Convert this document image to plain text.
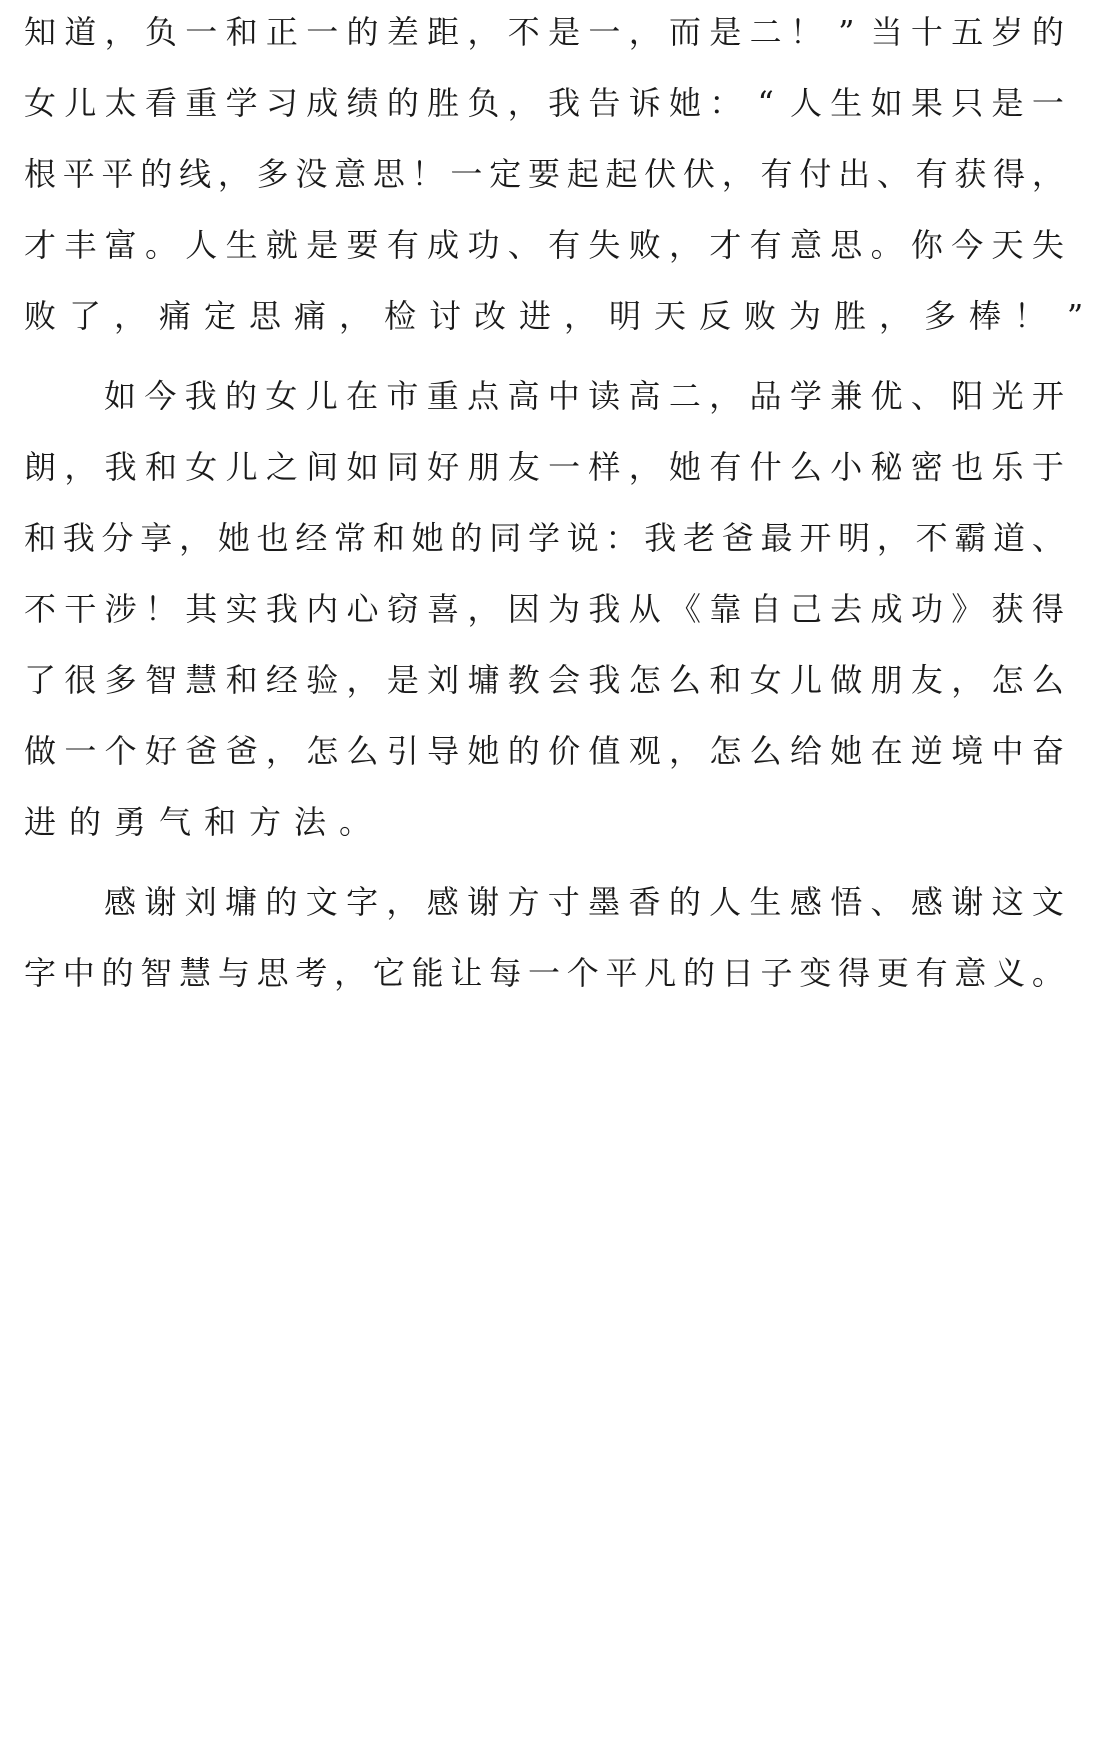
知 道 ， 负 一 和 正 一 的 差 距 ， 不 是 一 ， 而 是 二 ！ ” 当 十 五 岁 的
女 儿 太 看 重 学 习 成 绩 的 胜 负 ， 我 告 诉 她 ： “ 人 生 如 果 只 是 一
根 平 平 的 线 ， 多 没 意 思 ！ 一 定 要 起 起 伏 伏 ， 有 付 出 、 有 获 得 ，
才 丰 富 。 人 生 就 是 要 有 成 功 、 有 失 败 ， 才 有 意 思 。 你 今 天 失
败 了 ， 痛 定 思 痛 ， 检 讨 改 进 ， 明 天 反 败 为 胜 ， 多 棒 ！ ”
如 今 我 的 女 儿 在 市 重 点 高 中 读 高 二 ， 品 学 兼 优 、 阳 光 开
朗 ， 我 和 女 儿 之 间 如 同 好 朋 友 一 样 ， 她 有 什 么 小 秘 密 也 乐 于
和 我 分 享 ， 她 也 经 常 和 她 的 同 学 说 ： 我 老 爸 最 开 明 ， 不 霸 道 、
不 干 涉 ！ 其 实 我 内 心 窃 喜 ， 因 为 我 从 《 靠 自 己 去 成 功 》 获 得
了 很 多 智 慧 和 经 验 ， 是 刘 墉 教 会 我 怎 么 和 女 儿 做 朋 友 ， 怎 么
做 一 个 好 爸 爸 ， 怎 么 引 导 她 的 价 值 观 ， 怎 么 给 她 在 逆 境 中 奋
进 的 勇 气 和 方 法 。
感 谢 刘 墉 的 文 字 ， 感 谢 方 寸 墨 香 的 人 生 感 悟 、 感 谢 这 文
字 中 的 智 慧 与 思 考 ， 它 能 让 每 一 个 平 凡 的 日 子 变 得 更 有 意 义 。
